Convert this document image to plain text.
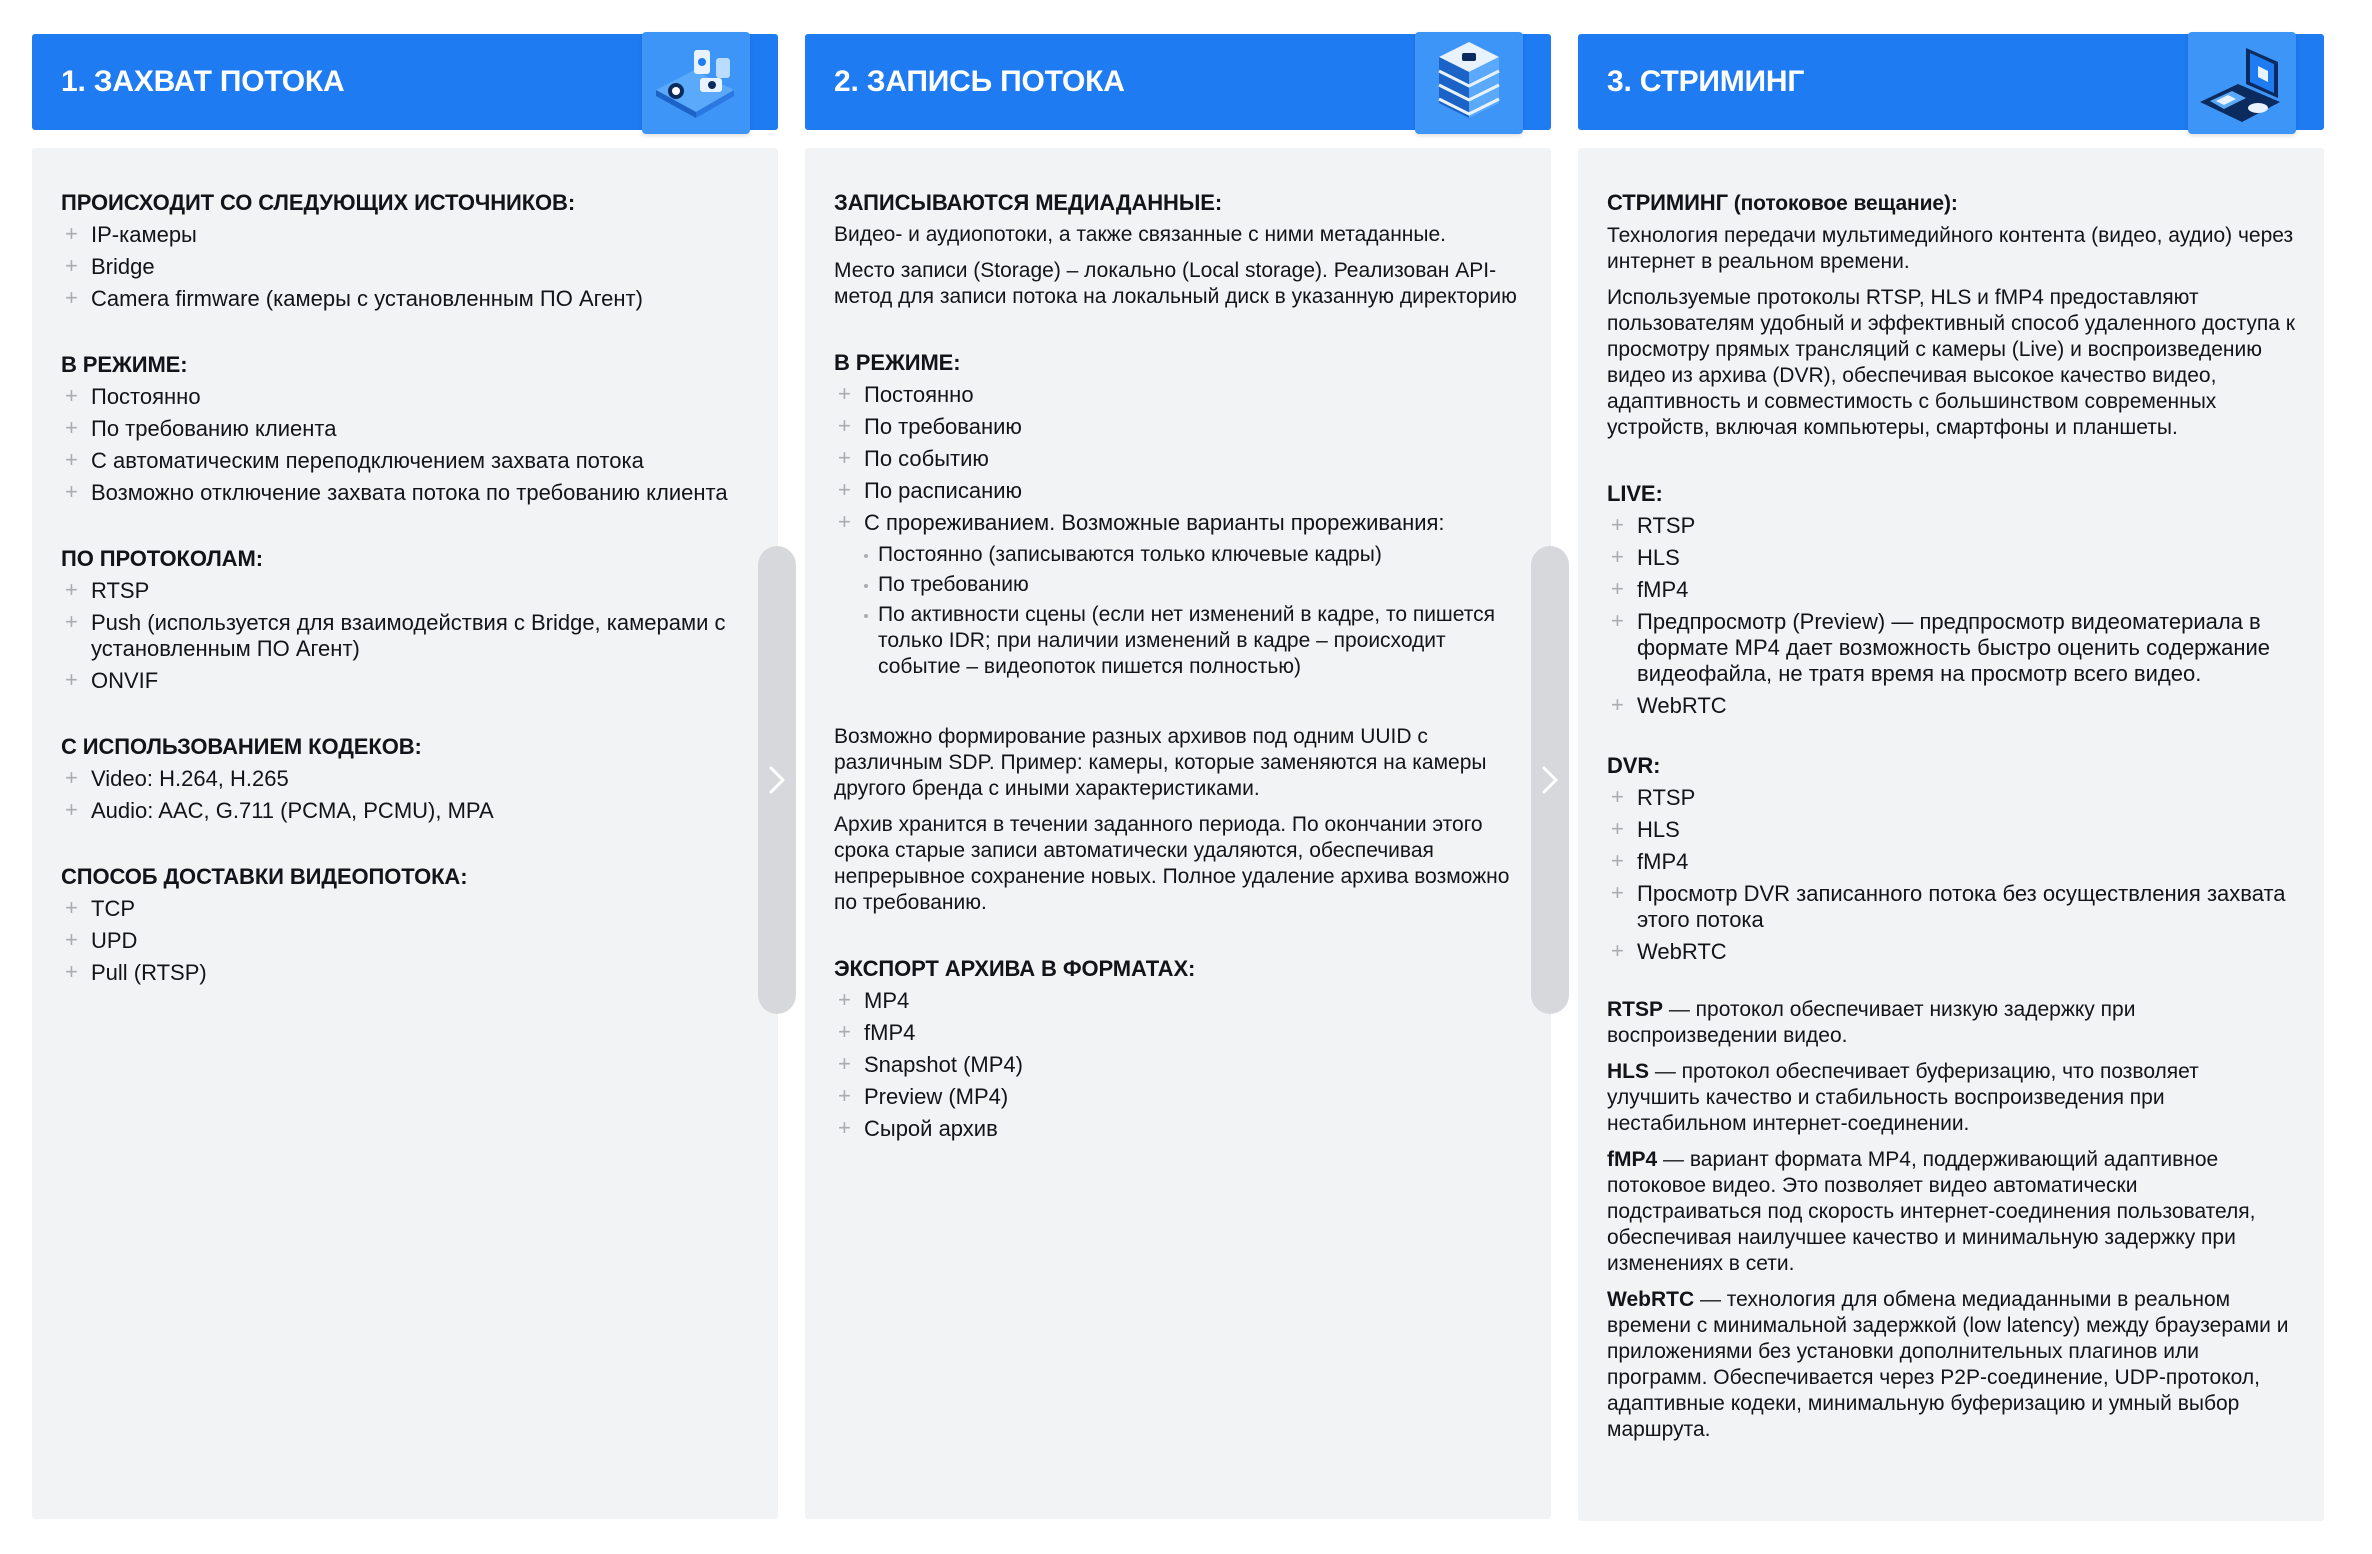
1. ЗАХВАТ ПОТОКА
ПРОИСХОДИТ СО СЛЕДУЮЩИХ ИСТОЧНИКОВ:
+ IP-камеры
+ Bridge
+ Camera firmware (камеры с установленным ПО Агент)
В РЕЖИМЕ:
+ Постоянно
+ По требованию клиента
+ С автоматическим переподключением захвата потока
+ Возможно отключение захвата потока по требованию клиента
ПО ПРОТОКОЛАМ:
+ RTSP
+ Push (используется для взаимодействия с Bridge, камерами с установленным ПО Агент)
+ ONVIF
С ИСПОЛЬЗОВАНИЕМ КОДЕКОВ:
+ Video: H.264, H.265
+ Audio: AAC, G.711 (PCMA, PCMU), MPA
СПОСОБ ДОСТАВКИ ВИДЕОПОТОКА:
+ TCP
+ UPD
+ Pull (RTSP)
2. ЗАПИСЬ ПОТОКА
ЗАПИСЫВАЮТСЯ МЕДИАДАННЫЕ:
Видео- и аудиопотоки, а также связанные с ними метаданные.
Место записи (Storage) – локально (Local storage). Реализован API-метод для записи потока на локальный диск в указанную директорию
В РЕЖИМЕ:
+ Постоянно
+ По требованию
+ По событию
+ По расписанию
+ С прореживанием. Возможные варианты прореживания:
Постоянно (записываются только ключевые кадры)
По требованию
По активности сцены (если нет изменений в кадре, то пишется только IDR; при наличии изменений в кадре – происходит событие – видеопоток пишется полностью)
Возможно формирование разных архивов под одним UUID с различным SDP. Пример: камеры, которые заменяются на камеры другого бренда с иными характеристиками.
Архив хранится в течении заданного периода. По окончании этого срока старые записи автоматически удаляются, обеспечивая непрерывное сохранение новых. Полное удаление архива возможно по требованию.
ЭКСПОРТ АРХИВА В ФОРМАТАХ:
+ MP4
+ fMP4
+ Snapshot (MP4)
+ Preview (MP4)
+ Сырой архив
3. СТРИМИНГ
СТРИМИНГ (потоковое вещание):
Технология передачи мультимедийного контента (видео, аудио) через интернет в реальном времени.
Используемые протоколы RTSP, HLS и fMP4 предоставляют пользователям удобный и эффективный способ удаленного доступа к просмотру прямых трансляций с камеры (Live) и воспроизведению видео из архива (DVR), обеспечивая высокое качество видео, адаптивность и совместимость с большинством современных устройств, включая компьютеры, смартфоны и планшеты.
LIVE:
+ RTSP
+ HLS
+ fMP4
+ Предпросмотр (Preview) — предпросмотр видеоматериала в формате MP4 дает возможность быстро оценить содержание видеофайла, не тратя время на просмотр всего видео.
+ WebRTC
DVR:
+ RTSP
+ HLS
+ fMP4
+ Просмотр DVR записанного потока без осуществления захвата этого потока
+ WebRTC
RTSP — протокол обеспечивает низкую задержку при воспроизведении видео.
HLS — протокол обеспечивает буферизацию, что позволяет улучшить качество и стабильность воспроизведения при нестабильном интернет-соединении.
fMP4 — вариант формата MP4, поддерживающий адаптивное потоковое видео. Это позволяет видео автоматически подстраиваться под скорость интернет-соединения пользователя, обеспечивая наилучшее качество и минимальную задержку при изменениях в сети.
WebRTC — технология для обмена медиаданными в реальном времени с минимальной задержкой (low latency) между браузерами и приложениями без установки дополнительных плагинов или программ. Обеспечивается через P2P-соединение, UDP-протокол, адаптивные кодеки, минимальную буферизацию и умный выбор маршрута.
